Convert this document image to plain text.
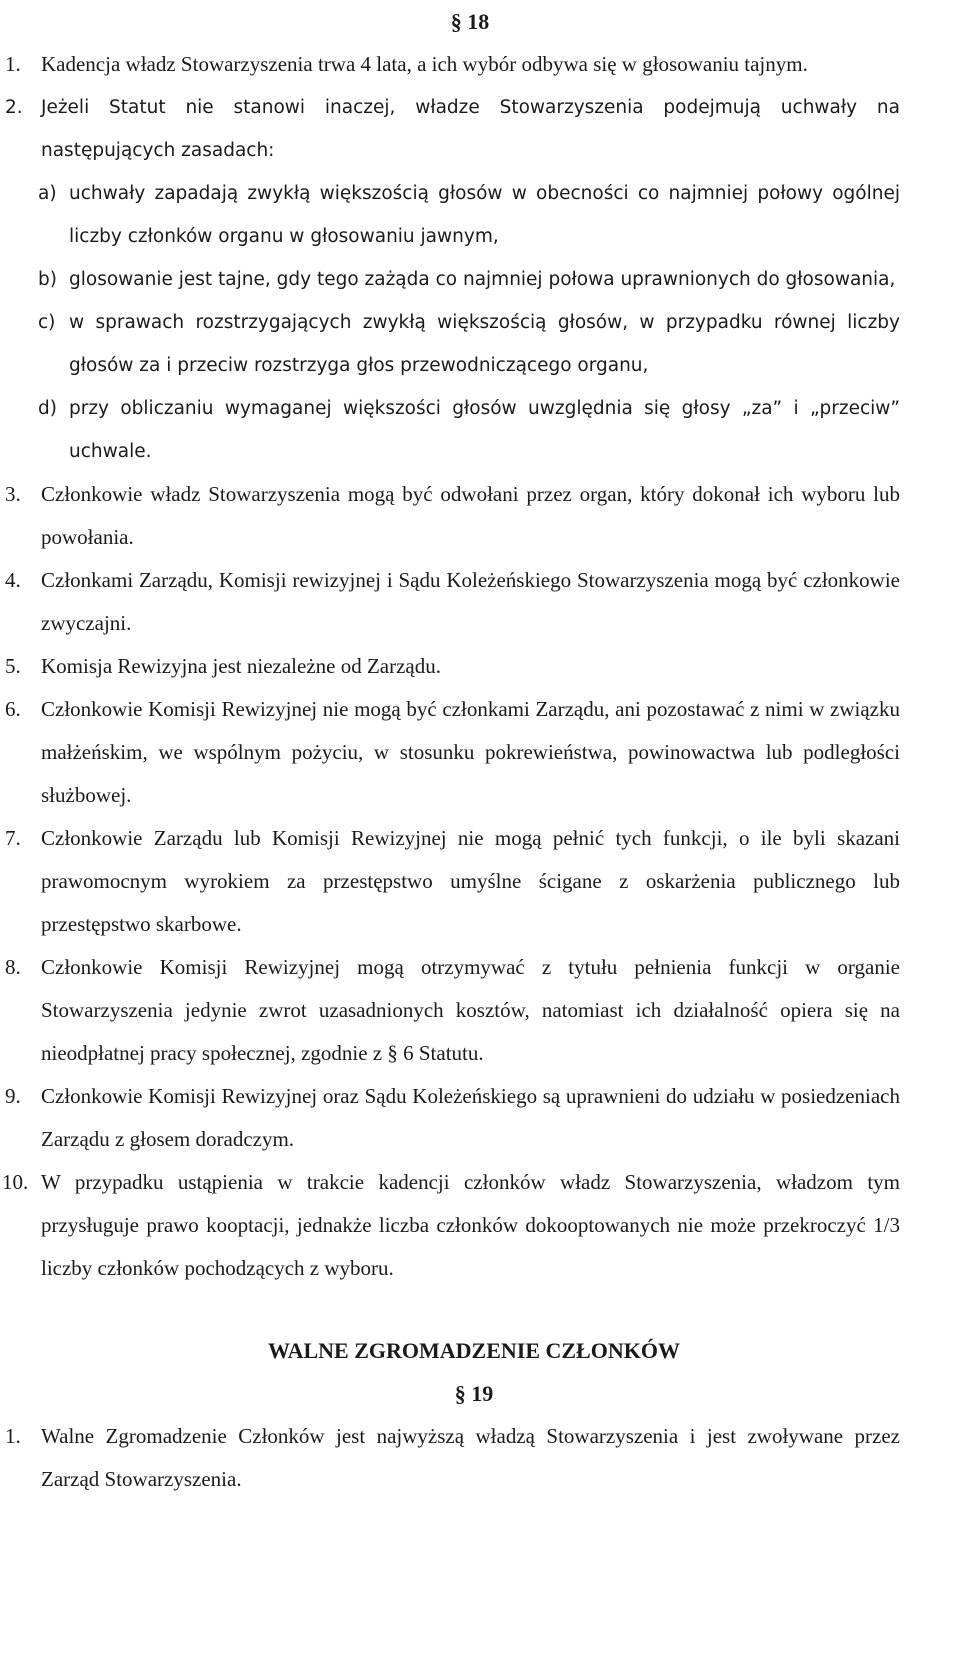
§ 18
1. Kadencja władz Stowarzyszenia trwa 4 lata, a ich wybór odbywa się w głosowaniu tajnym.
2. Jeżeli Statut nie stanowi inaczej, władze Stowarzyszenia podejmują uchwały na następujących zasadach:
a) uchwały zapadają zwykłą większością głosów w obecności co najmniej połowy ogólnej liczby członków organu w głosowaniu jawnym,
b) glosowanie jest tajne, gdy tego zażąda co najmniej połowa uprawnionych do głosowania,
c) w sprawach rozstrzygających zwykłą większością głosów, w przypadku równej liczby głosów za i przeciw rozstrzyga głos przewodniczącego organu,
d) przy obliczaniu wymaganej większości głosów uwzględnia się głosy „za” i „przeciw” uchwale.
3. Członkowie władz Stowarzyszenia mogą być odwołani przez organ, który dokonał ich wyboru lub powołania.
4. Członkami Zarządu, Komisji rewizyjnej i Sądu Koleżeńskiego Stowarzyszenia mogą być członkowie zwyczajni.
5. Komisja Rewizyjna jest niezależne od Zarządu.
6. Członkowie Komisji Rewizyjnej nie mogą być członkami Zarządu, ani pozostawać z nimi w związku małżeńskim, we wspólnym pożyciu, w stosunku pokrewieństwa, powinowactwa lub podległości służbowej.
7. Członkowie Zarządu lub Komisji Rewizyjnej nie mogą pełnić tych funkcji, o ile byli skazani prawomocnym wyrokiem za przestępstwo umyślne ścigane z oskarżenia publicznego lub przestępstwo skarbowe.
8. Członkowie Komisji Rewizyjnej mogą otrzymywać z tytułu pełnienia funkcji w organie Stowarzyszenia jedynie zwrot uzasadnionych kosztów, natomiast ich działalność opiera się na nieodpłatnej pracy społecznej, zgodnie z § 6 Statutu.
9. Członkowie Komisji Rewizyjnej oraz Sądu Koleżeńskiego są uprawnieni do udziału w posiedzeniach Zarządu z głosem doradczym.
10. W przypadku ustąpienia w trakcie kadencji członków władz Stowarzyszenia, władzom tym przysługuje prawo kooptacji, jednakże liczba członków dokooptowanych nie może przekroczyć 1/3 liczby członków pochodzących z wyboru.
WALNE ZGROMADZENIE CZŁONKÓW
§ 19
1. Walne Zgromadzenie Członków jest najwyższą władzą Stowarzyszenia i jest zwoływane przez Zarząd Stowarzyszenia.
